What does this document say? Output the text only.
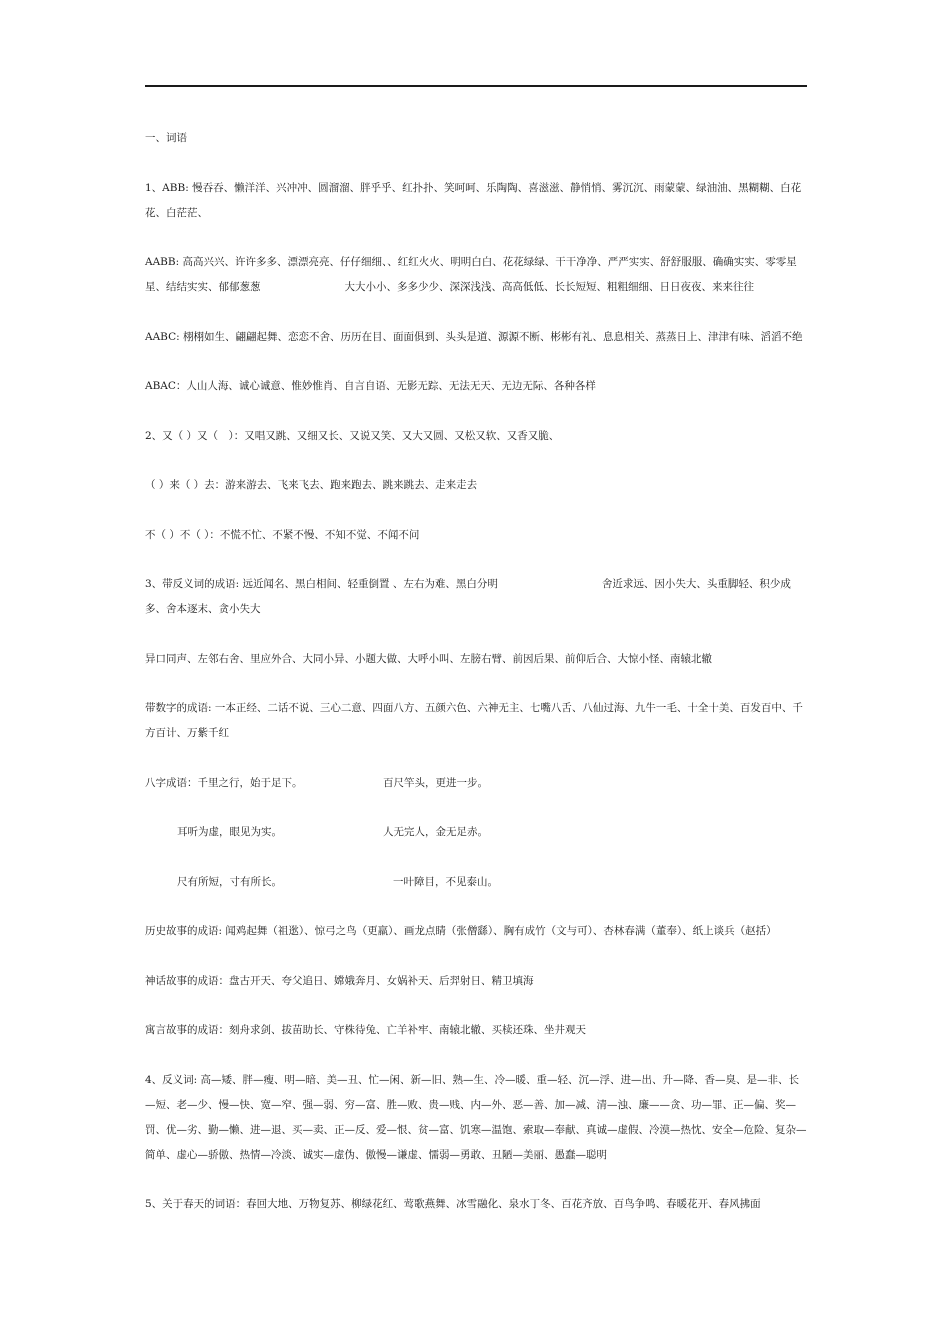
一、词语

1、ABB: 慢吞吞、懒洋洋、兴冲冲、圆溜溜、胖乎乎、红扑扑、笑呵呵、乐陶陶、喜滋滋、静悄悄、雾沉沉、雨蒙蒙、绿油油、黑糊糊、白花花、白茫茫、

AABB: 高高兴兴、许许多多、漂漂亮亮、仔仔细细、、红红火火、明明白白、花花绿绿、干干净净、严严实实、舒舒服服、确确实实、零零星星、结结实实、郁郁葱葱	大大小小、多多少少、深深浅浅、高高低低、长长短短、粗粗细细、日日夜夜、来来往往

AABC: 栩栩如生、翩翩起舞、恋恋不舍、历历在目、面面俱到、头头是道、源源不断、彬彬有礼、息息相关、蒸蒸日上、津津有味、滔滔不绝

ABAC：人山人海、诚心诚意、惟妙惟肖、自言自语、无影无踪、无法无天、无边无际、各种各样

2、又（ ）又（　）：又唱又跳、又细又长、又说又笑、又大又圆、又松又软、又香又脆、

（ ）来（ ）去：游来游去、飞来飞去、跑来跑去、跳来跳去、走来走去

不（ ）不（ ）：不慌不忙、不紧不慢、不知不觉、不闻不问

3、带反义词的成语: 远近闻名、黑白相间、轻重倒置 、左右为难、黑白分明	舍近求远、因小失大、头重脚轻、积少成多、舍本逐末、贪小失大

异口同声、左邻右舍、里应外合、大同小异、小题大做、大呼小叫、左膀右臂、前因后果、前仰后合、大惊小怪、南辕北辙

带数字的成语: 一本正经、二话不说、三心二意、四面八方、五颜六色、六神无主、七嘴八舌、八仙过海、九牛一毛、十全十美、百发百中、千方百计、万紫千红

八字成语：千里之行，始于足下。	百尺竿头，更进一步。
耳听为虚，眼见为实。	人无完人，金无足赤。
尺有所短，寸有所长。	一叶障目，不见泰山。

历史故事的成语: 闻鸡起舞（祖逖）、惊弓之鸟（更羸）、画龙点睛（张僧繇）、胸有成竹（文与可）、杏林春满（董奉）、纸上谈兵（赵括）

神话故事的成语：盘古开天、夸父追日、嫦娥奔月、女娲补天、后羿射日、精卫填海

寓言故事的成语：刻舟求剑、拔苗助长、守株待兔、亡羊补牢、南辕北辙、买椟还珠、坐井观天

4、反义词: 高—矮、胖—瘦、明—暗、美—丑、忙—闲、新—旧、熟—生、冷—暖、重—轻、沉—浮、进—出、升—降、香—臭、是—非、长—短、老—少、慢—快、宽—窄、强—弱、穷—富、胜—败、贵—贱、内—外、恶—善、加—减、清—浊、廉——贪、功—罪、正—偏、奖—罚、优—劣、勤—懒、进—退、买—卖、正—反、爱—恨、贫—富、饥寒—温饱、索取—奉献、真诚—虚假、冷漠—热忱、安全—危险、复杂—简单、虚心—骄傲、热情—冷淡、诚实—虚伪、傲慢—谦虚、懦弱—勇敢、丑陋—美丽、愚蠢—聪明

5、关于春天的词语：春回大地、万物复苏、柳绿花红、莺歌燕舞、冰雪融化、泉水丁冬、百花齐放、百鸟争鸣、春暖花开、春风拂面
